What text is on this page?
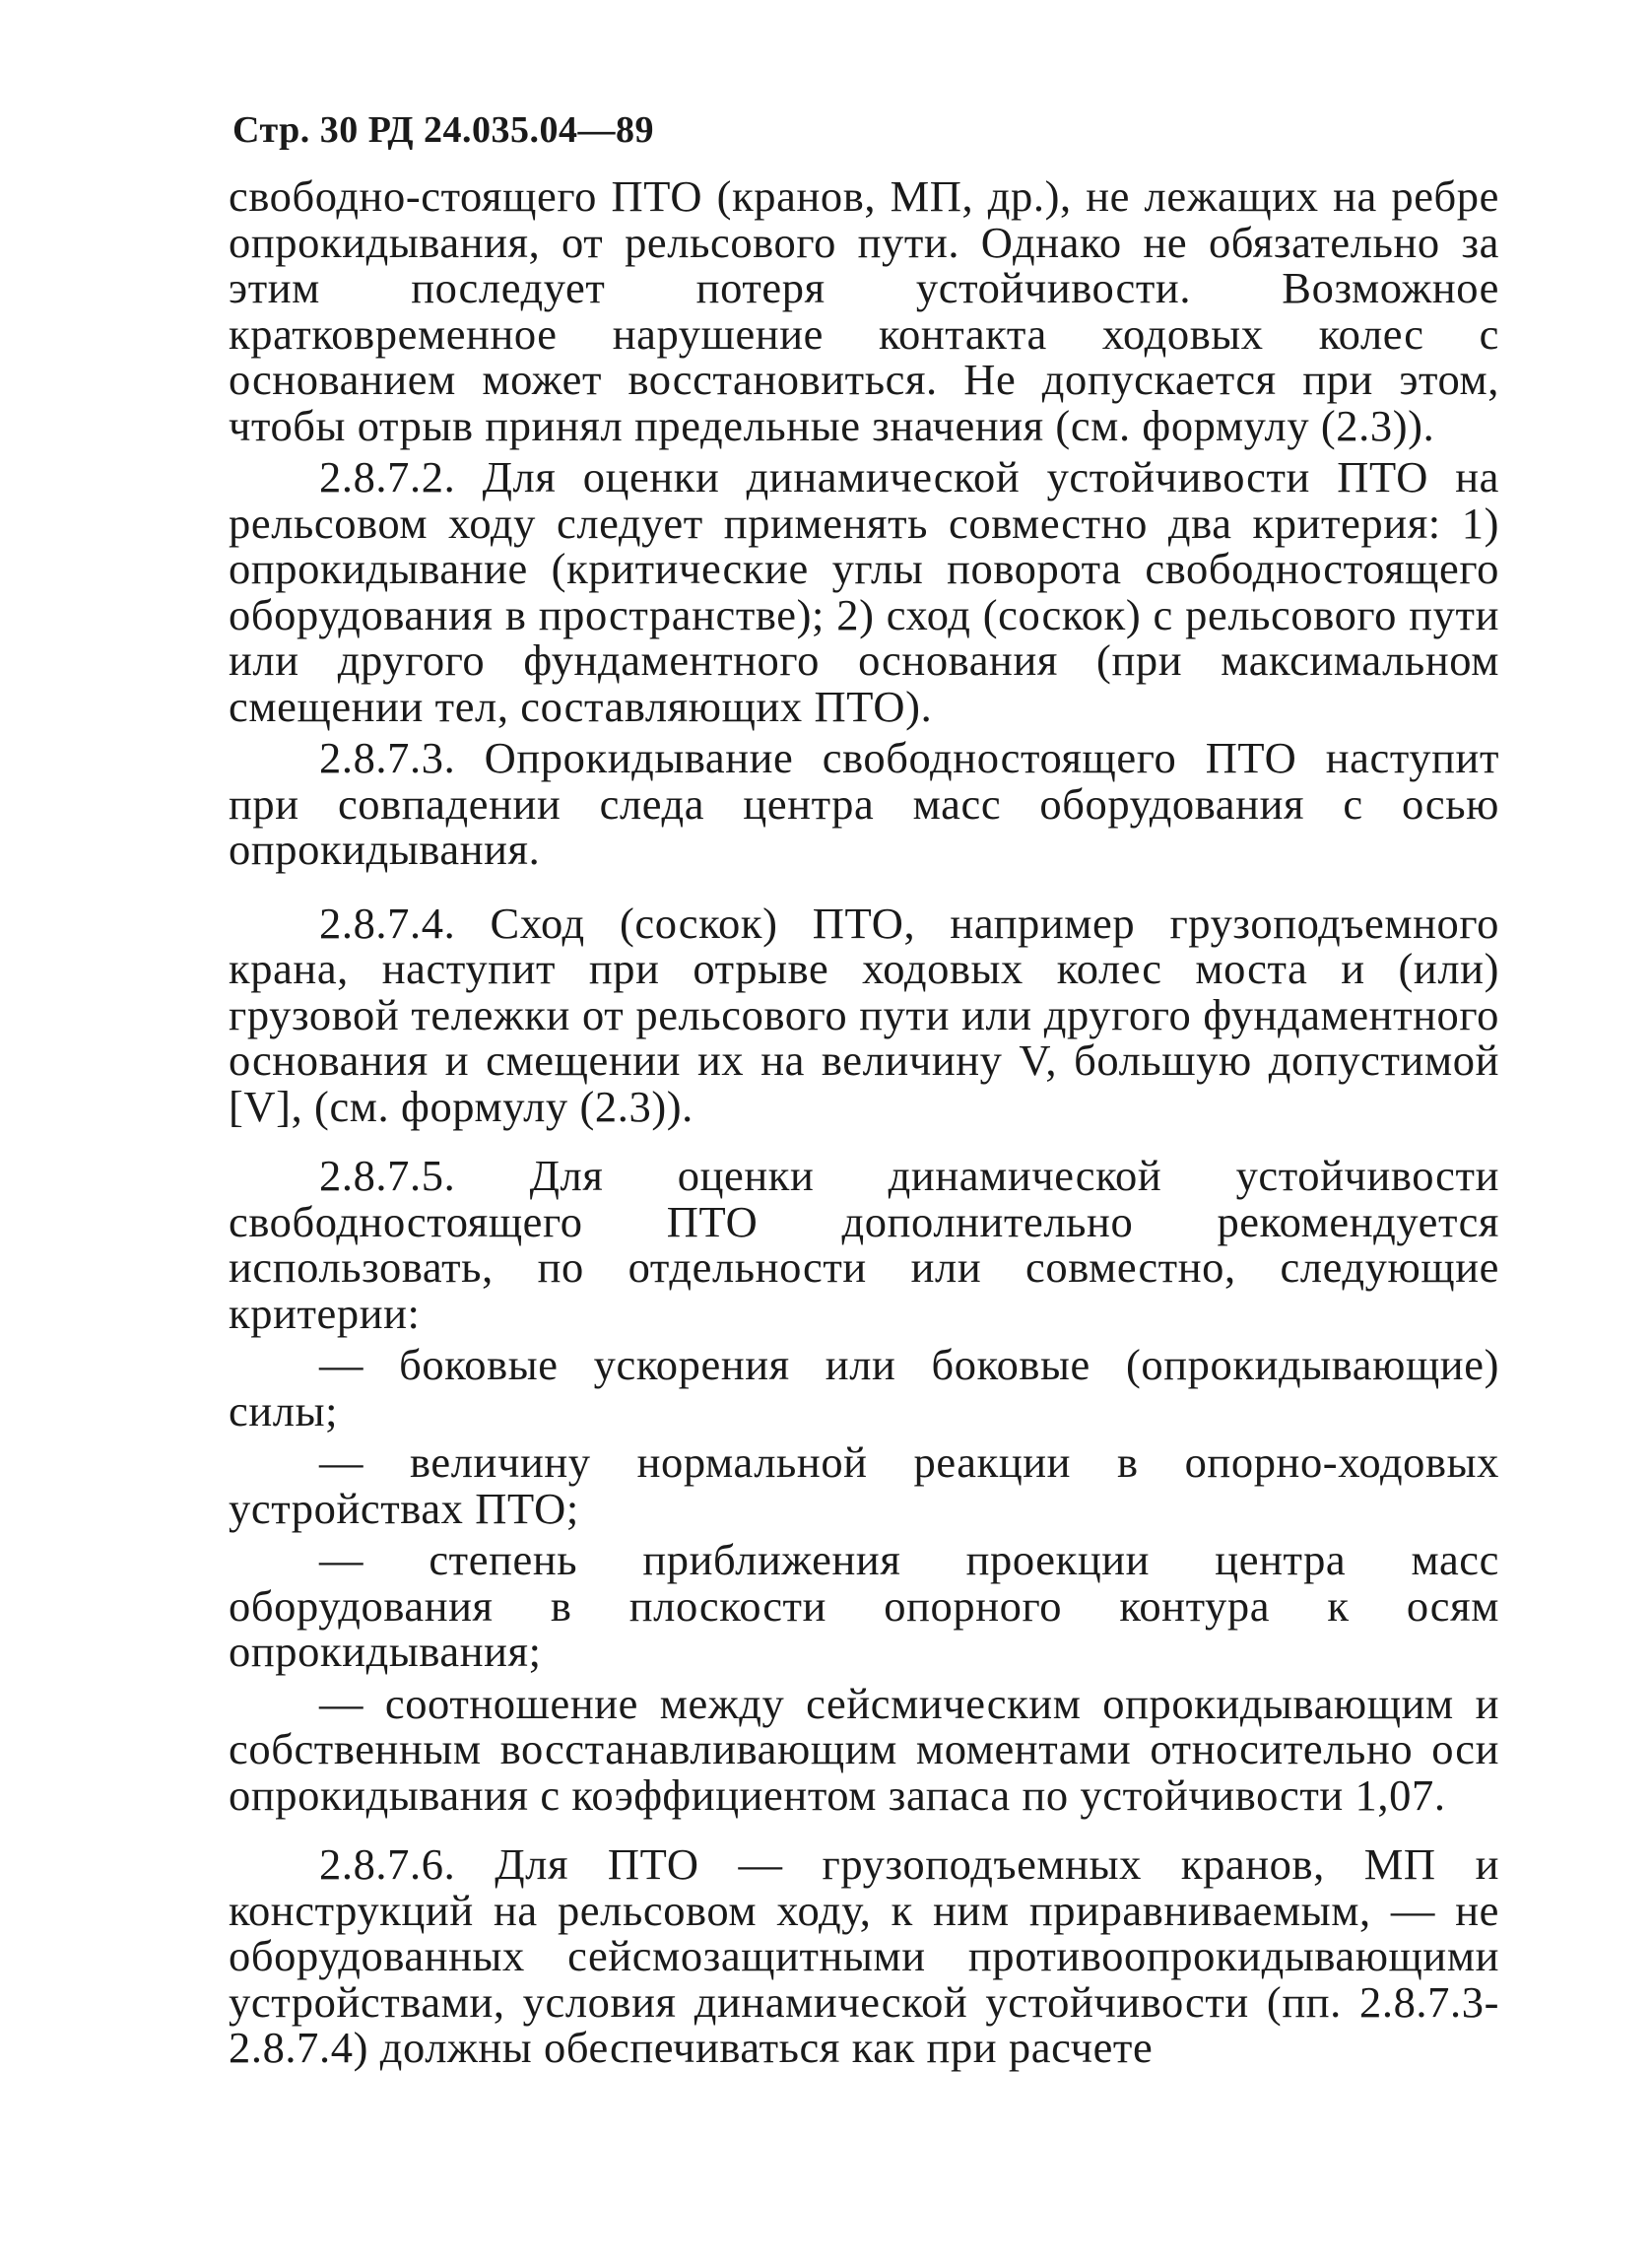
Стр. 30 РД 24.035.04—89

свободно-стоящего ПТО (кранов, МП, др.), не лежащих на ребре опрокидывания, от рельсового пути. Однако не обязательно за этим последует потеря устойчивости. Возможное кратковременное нарушение контакта ходовых колес с основанием может восстановиться. Не допускается при этом, чтобы отрыв принял предельные значения (см. формулу (2.3)).

2.8.7.2. Для оценки динамической устойчивости ПТО на рельсовом ходу следует применять совместно два критерия: 1) опрокидывание (критические углы поворота свободностоящего оборудования в пространстве); 2) сход (соскок) с рельсового пути или другого фундаментного основания (при максимальном смещении тел, составляющих ПТО).

2.8.7.3. Опрокидывание свободностоящего ПТО наступит при совпадении следа центра масс оборудования с осью опрокидывания.

2.8.7.4. Сход (соскок) ПТО, например грузоподъемного крана, наступит при отрыве ходовых колес моста и (или) грузовой тележки от рельсового пути или другого фундаментного основания и смещении их на величину V, большую допустимой [V], (см. формулу (2.3)).

2.8.7.5. Для оценки динамической устойчивости свободностоящего ПТО дополнительно рекомендуется использовать, по отдельности или совместно, следующие критерии:

— боковые ускорения или боковые (опрокидывающие) силы;

— величину нормальной реакции в опорно-ходовых устройствах ПТО;

— степень приближения проекции центра масс оборудования в плоскости опорного контура к осям опрокидывания;

— соотношение между сейсмическим опрокидывающим и собственным восстанавливающим моментами относительно оси опрокидывания с коэффициентом запаса по устойчивости 1,07.

2.8.7.6. Для ПТО — грузоподъемных кранов, МП и конструкций на рельсовом ходу, к ним приравниваемым, — не оборудованных сейсмозащитными противоопрокидывающими устройствами, условия динамической устойчивости (пп. 2.8.7.3-2.8.7.4) должны обеспечиваться как при расчете
